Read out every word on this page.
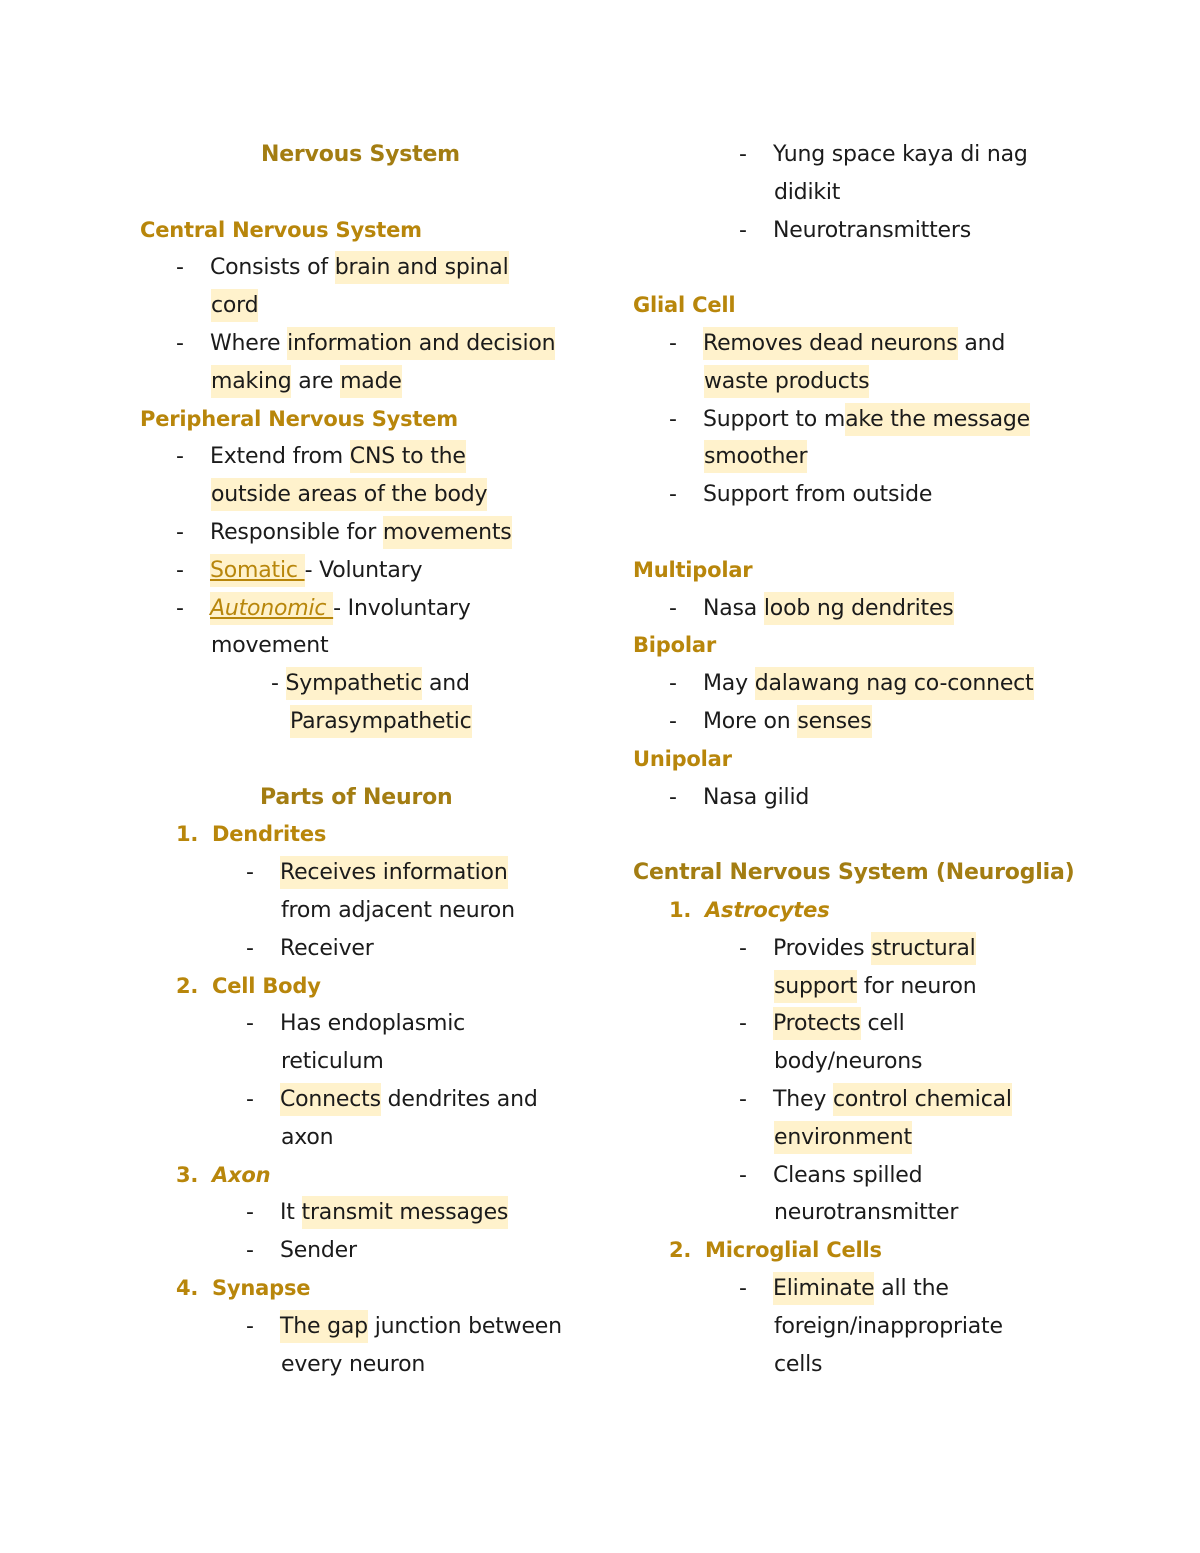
Nervous System
Central Nervous System
- Consists of brain and spinal
cord
- Where information and decision
making are made
Peripheral Nervous System
- Extend from CNS to the
outside areas of the body
- Responsible for movements
- Somatic - Voluntary
- Autonomic - Involuntary
movement
- Sympathetic and
Parasympathetic
Parts of Neuron
1. Dendrites
- Receives information
from adjacent neuron
- Receiver
2. Cell Body
- Has endoplasmic
reticulum
- Connects dendrites and
axon
3. Axon
- It transmit messages
- Sender
4. Synapse
- The gap junction between
every neuron
- Yung space kaya di nag
didikit
- Neurotransmitters
Glial Cell
- Removes dead neurons and
waste products
- Support to make the message
smoother
- Support from outside
Multipolar
- Nasa loob ng dendrites
Bipolar
- May dalawang nag co-connect
- More on senses
Unipolar
- Nasa gilid
Central Nervous System (Neuroglia)
1. Astrocytes
- Provides structural
support for neuron
- Protects cell
body/neurons
- They control chemical
environment
- Cleans spilled
neurotransmitter
2. Microglial Cells
- Eliminate all the
foreign/inappropriate
cells
